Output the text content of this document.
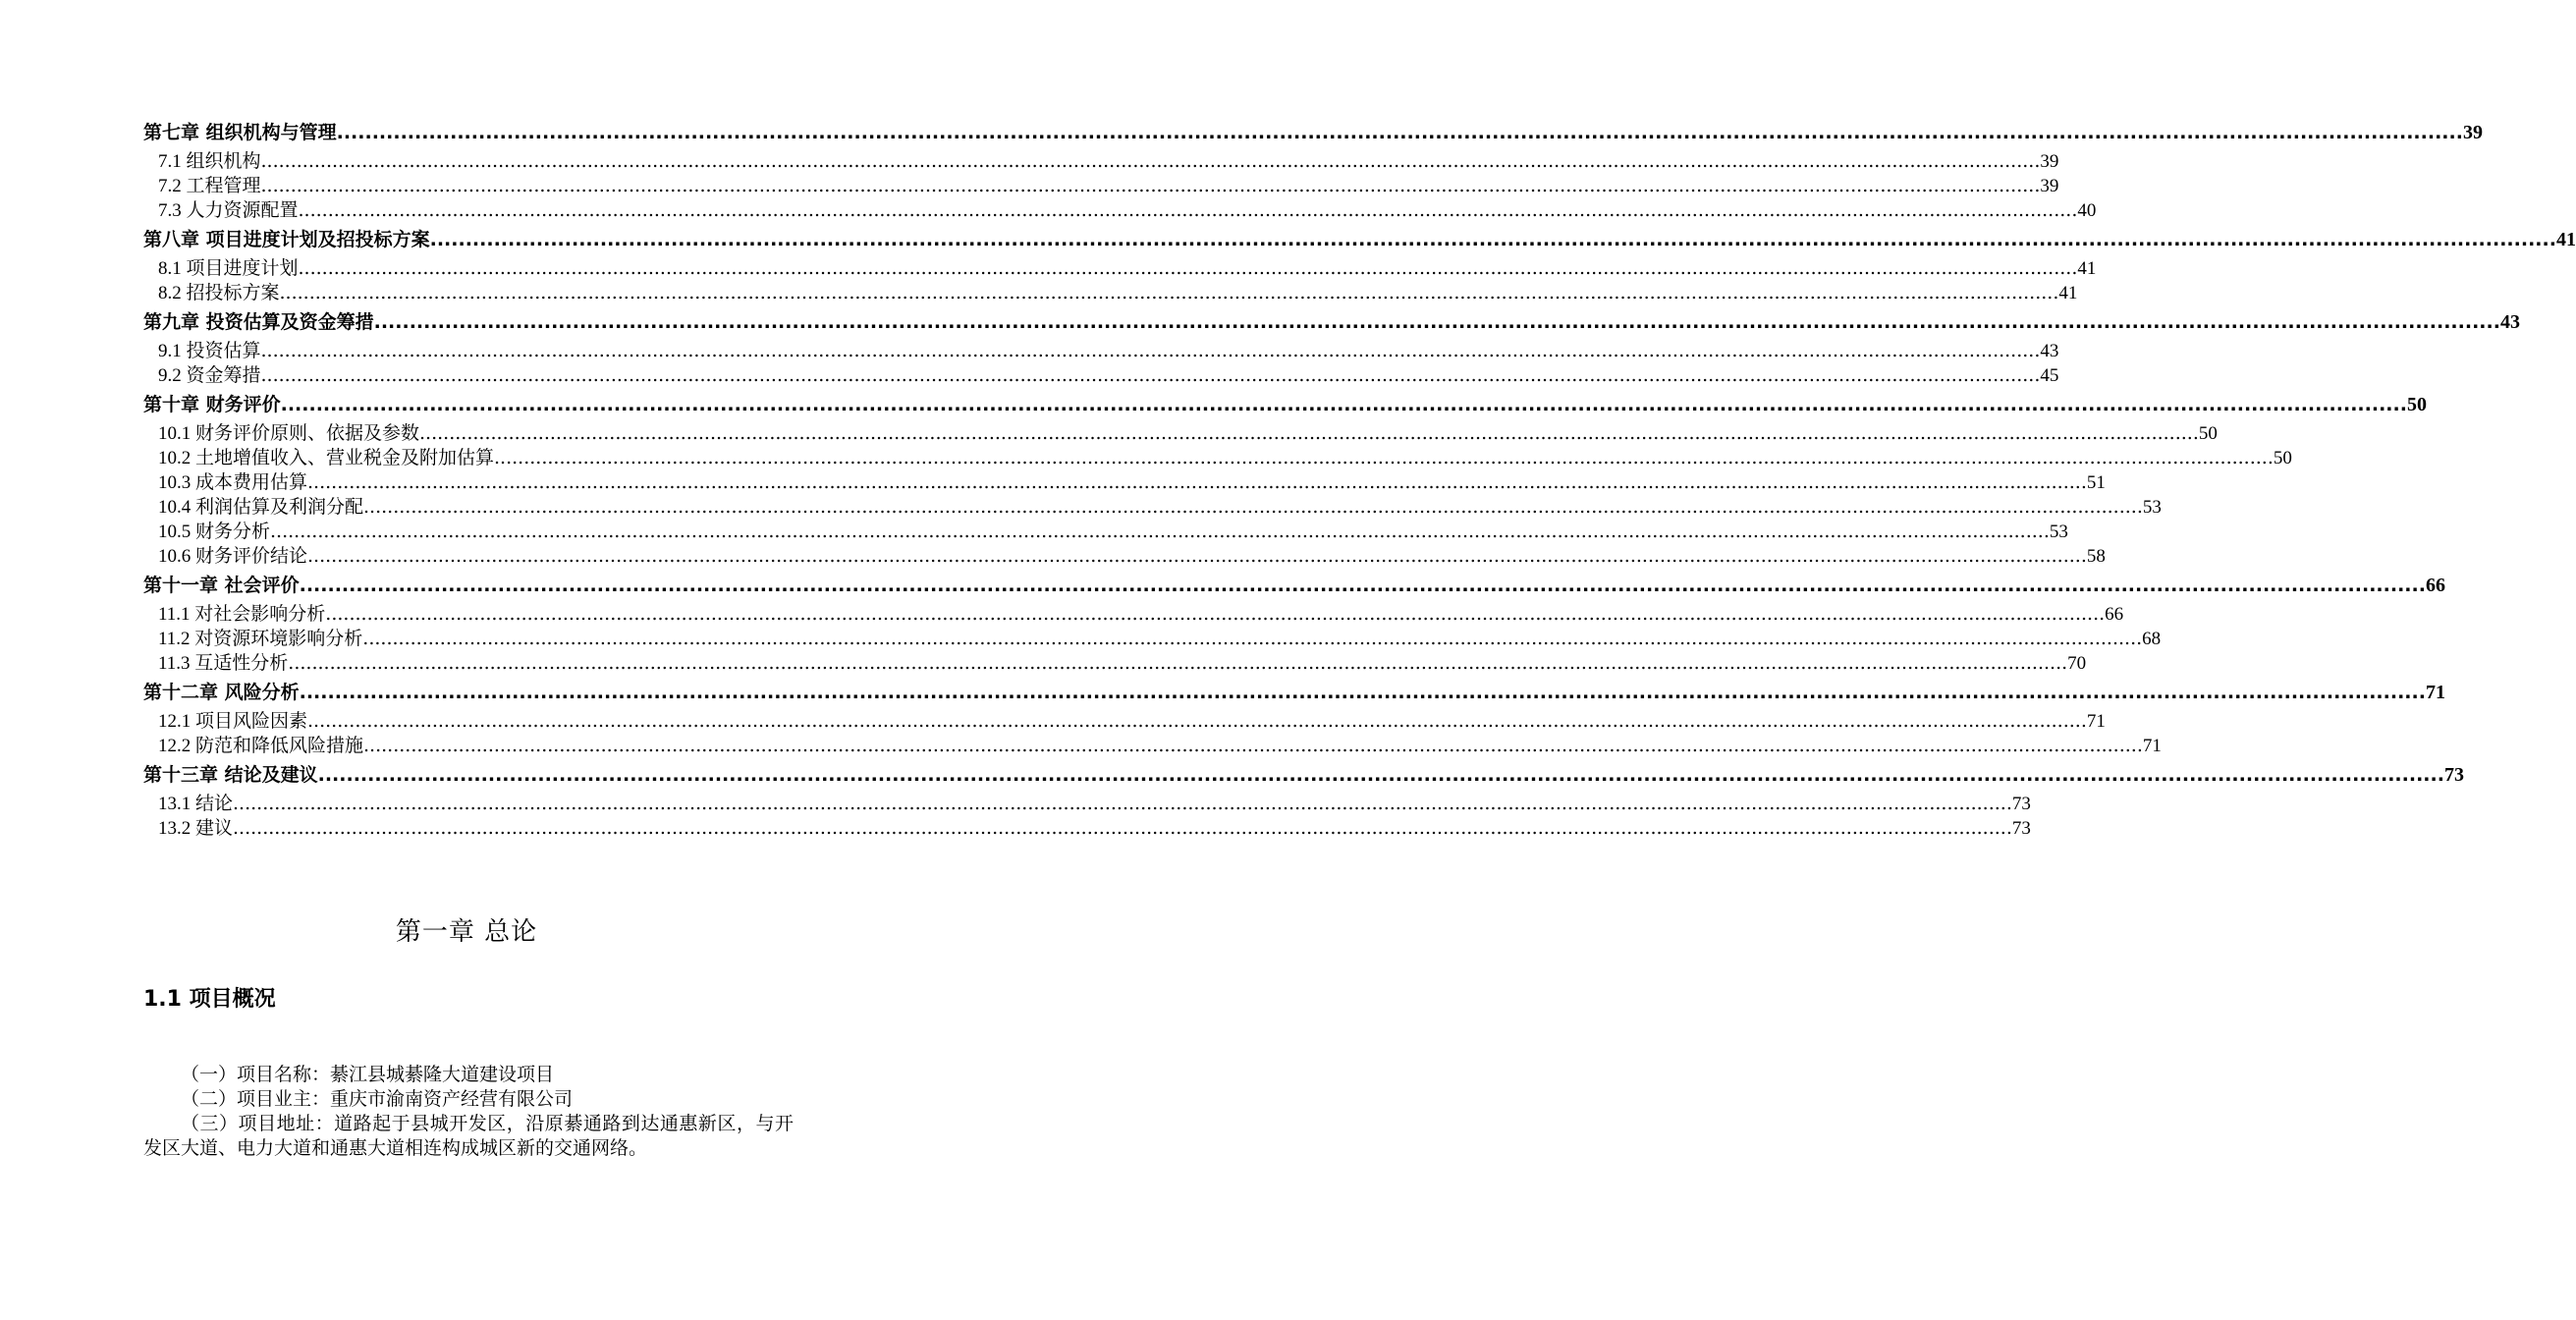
第七章 组织机构与管理 ............................................................................................................................................................................................................................................................................................................ 39
7.1 组织机构 ............................................................................................................................................................................................................................................................................................................ 39
7.2 工程管理 ............................................................................................................................................................................................................................................................................................................ 39
7.3 人力资源配置 ............................................................................................................................................................................................................................................................................................................ 40
第八章 项目进度计划及招投标方案 ............................................................................................................................................................................................................................................................................................................ 41
8.1 项目进度计划 ............................................................................................................................................................................................................................................................................................................ 41
8.2 招投标方案 ............................................................................................................................................................................................................................................................................................................ 41
第九章 投资估算及资金筹措 ............................................................................................................................................................................................................................................................................................................ 43
9.1 投资估算 ............................................................................................................................................................................................................................................................................................................ 43
9.2 资金筹措 ............................................................................................................................................................................................................................................................................................................ 45
第十章 财务评价 ............................................................................................................................................................................................................................................................................................................ 50
10.1 财务评价原则、依据及参数 ............................................................................................................................................................................................................................................................................................................ 50
10.2 土地增值收入、营业税金及附加估算 ............................................................................................................................................................................................................................................................................................................ 50
10.3 成本费用估算 ............................................................................................................................................................................................................................................................................................................ 51
10.4 利润估算及利润分配 ............................................................................................................................................................................................................................................................................................................ 53
10.5 财务分析 ............................................................................................................................................................................................................................................................................................................ 53
10.6 财务评价结论 ............................................................................................................................................................................................................................................................................................................ 58
第十一章 社会评价 ............................................................................................................................................................................................................................................................................................................ 66
11.1 对社会影响分析 ............................................................................................................................................................................................................................................................................................................ 66
11.2 对资源环境影响分析 ............................................................................................................................................................................................................................................................................................................ 68
11.3 互适性分析 ............................................................................................................................................................................................................................................................................................................ 70
第十二章 风险分析 ............................................................................................................................................................................................................................................................................................................ 71
12.1 项目风险因素 ............................................................................................................................................................................................................................................................................................................ 71
12.2 防范和降低风险措施 ............................................................................................................................................................................................................................................................................................................ 71
第十三章 结论及建议 ............................................................................................................................................................................................................................................................................................................ 73
13.1 结论 ............................................................................................................................................................................................................................................................................................................ 73
13.2 建议 ............................................................................................................................................................................................................................................................................................................ 73
第一章 总论
1.1 项目概况

（一）项目名称：綦江县城綦隆大道建设项目

（二）项目业主：重庆市渝南资产经营有限公司

（三）项目地址：道路起于县城开发区，沿原綦通路到达通惠新区，与开发区大道、电力大道和通惠大道相连构成城区新的交通网络。
